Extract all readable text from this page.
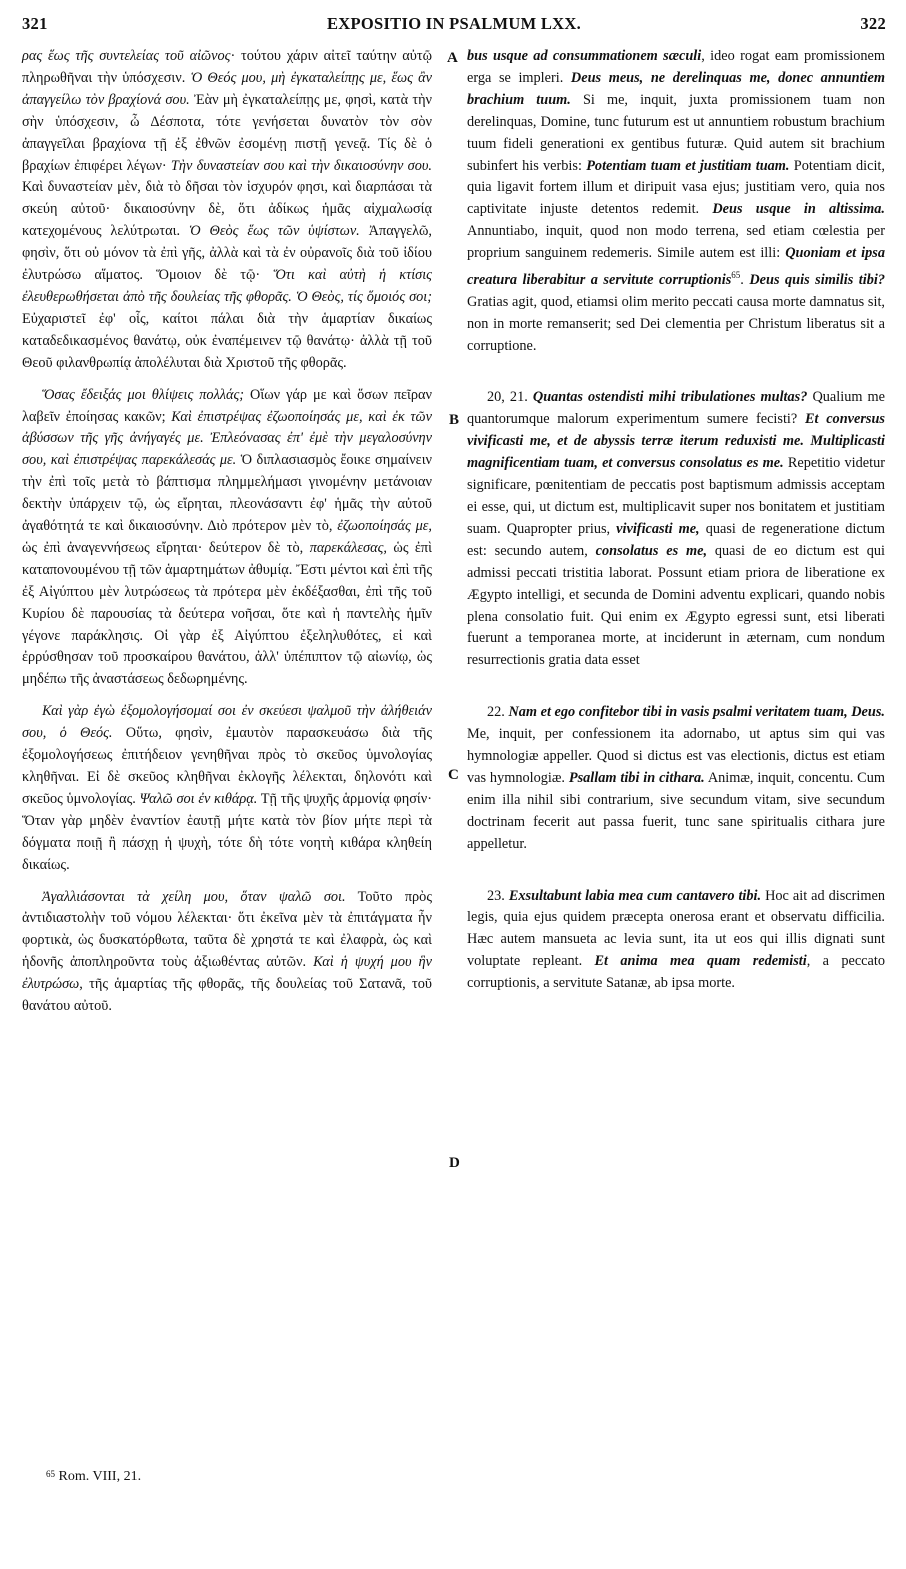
321	EXPOSITIO IN PSALMUM LXX.	322

ρας ἕως τῆς συντελείας τοῦ αἰῶνος· τούτου χάριν αἰτεῖ ταύτην αὐτῷ πληρωθῆναι τὴν ὑπόσχεσιν. Ὁ Θεός μου, μὴ ἐγκαταλείπῃς με, ἕως ἂν ἀπαγγείλω τὸν βραχίονά σου. Ἐὰν μὴ ἐγκαταλείπῃς με, φησὶ, κατὰ τὴν σὴν ὑπόσχεσιν, ὦ Δέσποτα, τότε γενήσεται δυνατὸν τὸν σὸν ἀπαγγεῖλαι βραχίονα τῇ ἐξ ἐθνῶν ἐσομένῃ πιστῇ γενεᾷ. Τίς δὲ ὁ βραχίων ἐπιφέρει λέγων· Τὴν δυναστείαν σου καὶ τὴν δικαιοσύνην σου. Καὶ δυναστείαν μὲν, διὰ τὸ δῆσαι τὸν ἰσχυρόν φησι, καὶ διαρπάσαι τὰ σκεύη αὐτοῦ· δικαιοσύνην δὲ, ὅτι ἀδίκως ἡμᾶς αἰχμαλωσίᾳ κατεχομένους λελύτρωται. Ὁ Θεὸς ἕως τῶν ὑψίστων. Ἀπαγγελῶ, φησὶν, ὅτι οὐ μόνον τὰ ἐπὶ γῆς, ἀλλὰ καὶ τὰ ἐν οὐρανοῖς διὰ τοῦ ἰδίου ἐλυτρώσω αἵματος. Ὅμοιον δὲ τῷ· Ὅτι καὶ αὐτὴ ἡ κτίσις ἐλευθερωθήσεται ἀπὸ τῆς δουλείας τῆς φθορᾶς. Ὁ Θεὸς, τίς ὅμοιός σοι; Εὐχαριστεῖ ἐφ' οἷς, καίτοι πάλαι διὰ τὴν ἁμαρτίαν δικαίως καταδεδικασμένος θανάτῳ, οὐκ ἐναπέμεινεν τῷ θανάτῳ· ἀλλὰ τῇ τοῦ Θεοῦ φιλανθρωπίᾳ ἀπολέλυται διὰ Χριστοῦ τῆς φθορᾶς.

Ὅσας ἔδειξάς μοι θλίψεις πολλάς; Οἵων γάρ με καὶ ὅσων πεῖραν λαβεῖν ἐποίησας κακῶν; Καὶ ἐπιστρέψας ἐζωοποίησάς με, καὶ ἐκ τῶν ἀβύσσων τῆς γῆς ἀνήγαγές με. Ἐπλεόνασας ἐπ' ἐμὲ τὴν μεγαλοσύνην σου, καὶ ἐπιστρέψας παρεκάλεσάς με. Ὁ διπλασιασμὸς ἔοικε σημαίνειν τὴν ἐπὶ τοῖς μετὰ τὸ βάπτισμα πλημμελήμασι γινομένην μετάνοιαν δεκτὴν ὑπάρχειν τῷ, ὡς εἴρηται, πλεονάσαντι ἐφ' ἡμᾶς τὴν αὐτοῦ ἀγαθότητά τε καὶ δικαιοσύνην. Διὸ πρότερον μὲν τὸ, ἐζωοποίησάς με, ὡς ἐπὶ ἀναγεννήσεως εἴρηται· δεύτερον δὲ τὸ, παρεκάλεσας, ὡς ἐπὶ καταπονουμένου τῇ τῶν ἁμαρτημάτων ἀθυμίᾳ. Ἔστι μέντοι καὶ ἐπὶ τῆς ἐξ Αἰγύπτου μὲν λυτρώσεως τὰ πρότερα μὲν ἐκδέξασθαι, ἐπὶ τῆς τοῦ Κυρίου δὲ παρουσίας τὰ δεύτερα νοῆσαι, ὅτε καὶ ἡ παντελὴς ἡμῖν γέγονε παράκλησις. Οἱ γὰρ ἐξ Αἰγύπτου ἐξεληλυθότες, εἰ καὶ ἐρρύσθησαν τοῦ προσκαίρου θανάτου, ἀλλ' ὑπέπιπτον τῷ αἰωνίῳ, ὡς μηδέπω τῆς ἀναστάσεως δεδωρημένης.

Καὶ γὰρ ἐγὼ ἐξομολογήσομαί σοι ἐν σκεύεσι ψαλμοῦ τὴν ἀλήθειάν σου, ὁ Θεός. Οὕτω, φησὶν, ἐμαυτὸν παρασκευάσω διὰ τῆς ἐξομολογήσεως ἐπιτήδειον γενηθῆναι πρὸς τὸ σκεῦος ὑμνολογίας κληθῆναι. Εἰ δὲ σκεῦος κληθῆναι ἐκλογῆς λέλεκται, δηλονότι καὶ σκεῦος ὑμνολογίας. Ψαλῶ σοι ἐν κιθάρᾳ. Τῇ τῆς ψυχῆς ἁρμονίᾳ φησίν· Ὅταν γὰρ μηδὲν ἐναντίον ἑαυτῇ μήτε κατὰ τὸν βίον μήτε περὶ τὰ δόγματα ποιῇ ἢ πάσχῃ ἡ ψυχὴ, τότε δὴ τότε νοητὴ κιθάρα κληθείη δικαίως.

Ἀγαλλιάσονται τὰ χείλη μου, ὅταν ψαλῶ σοι. Τοῦτο πρὸς ἀντιδιαστολὴν τοῦ νόμου λέλεκται· ὅτι ἐκεῖνα μὲν τὰ ἐπιτάγματα ἦν φορτικὰ, ὡς δυσκατόρθωτα, ταῦτα δὲ χρηστά τε καὶ ἐλαφρὰ, ὡς καὶ ἡδονῆς ἀποπληροῦντα τοὺς ἀξιωθέντας αὐτῶν. Καὶ ἡ ψυχή μου ἣν ἐλυτρώσω, τῆς ἁμαρτίας τῆς φθορᾶς, τῆς δουλείας τοῦ Σατανᾶ, τοῦ θανάτου αὐτοῦ.

A
B
C
D

bus usque ad consummationem sæculi, ideo rogat eam promissionem erga se impleri. Deus meus, ne derelinquas me, donec annuntiem brachium tuum. Si me, inquit, juxta promissionem tuam non derelinquas, Domine, tunc futurum est ut annuntiem robustum brachium tuum fideli generationi ex gentibus futuræ. Quid autem sit brachium subinfert his verbis: Potentiam tuam et justitiam tuam. Potentiam dicit, quia ligavit fortem illum et diripuit vasa ejus; justitiam vero, quia nos captivitate injuste detentos redemit. Deus usque in altissima. Annuntiabo, inquit, quod non modo terrena, sed etiam cœlestia per proprium sanguinem redemeris. Simile autem est illi: Quoniam et ipsa creatura liberabitur a servitute corruptionis$^{65}$. Deus quis similis tibi? Gratias agit, quod, etiamsi olim merito peccati causa morte damnatus sit, non in morte remanserit; sed Dei clementia per Christum liberatus sit a corruptione.

20, 21. Quantas ostendisti mihi tribulationes multas? Qualium me quantorumque malorum experimentum sumere fecisti? Et conversus vivificasti me, et de abyssis terræ iterum reduxisti me. Multiplicasti magnificentiam tuam, et conversus consolatus es me. Repetitio videtur significare, pœnitentiam de peccatis post baptismum admissis acceptam ei esse, qui, ut dictum est, multiplicavit super nos bonitatem et justitiam suam. Quapropter prius, vivificasti me, quasi de regeneratione dictum est: secundo autem, consolatus es me, quasi de eo dictum est qui admissi peccati tristitia laborat. Possunt etiam priora de liberatione ex Ægypto intelligi, et secunda de Domini adventu explicari, quando nobis plena consolatio fuit. Qui enim ex Ægypto egressi sunt, etsi liberati fuerunt a temporanea morte, at inciderunt in æternam, cum nondum resurrectionis gratia data esset

22. Nam et ego confitebor tibi in vasis psalmi veritatem tuam, Deus. Me, inquit, per confessionem ita adornabo, ut aptus sim qui vas hymnologiæ appeller. Quod si dictus est vas electionis, dictus est etiam vas hymnologiæ. Psallam tibi in cithara. Animæ, inquit, concentu. Cum enim illa nihil sibi contrarium, sive secundum vitam, sive secundum doctrinam fecerit aut passa fuerit, tunc sane spiritualis cithara jure appelletur.

23. Exsultabunt labia mea cum cantavero tibi. Hoc ait ad discrimen legis, quia ejus quidem præcepta onerosa erant et observatu difficilia. Hæc autem mansueta ac levia sunt, ita ut eos qui illis dignati sunt voluptate repleant. Et anima mea quam redemisti, a peccato corruptionis, a servitute Satanæ, ab ipsa morte.

$^{65}$ Rom. VIII, 21.
